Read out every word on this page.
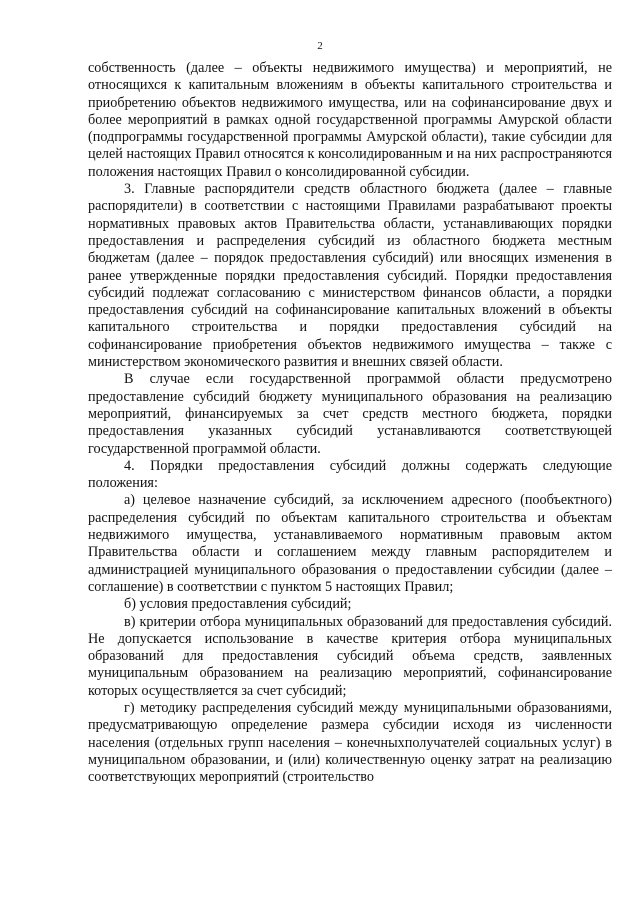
2

собственность (далее – объекты недвижимого имущества) и мероприятий, не относящихся к капитальным вложениям в объекты капитального строительства и приобретению объектов недвижимого имущества, или на софинансирование двух и более мероприятий в рамках одной государственной программы Амурской области (подпрограммы государственной программы Амурской области), такие субсидии для целей настоящих Правил относятся к консолидированным и на них распространяются положения настоящих Правил о консолидированной субсидии.

3. Главные распорядители средств областного бюджета (далее – главные распорядители) в соответствии с настоящими Правилами разрабатывают проекты нормативных правовых актов Правительства области, устанавливающих порядки предоставления и распределения субсидий из областного бюджета местным бюджетам (далее – порядок предоставления субсидий) или вносящих изменения в ранее утвержденные порядки предоставления субсидий. Порядки предоставления субсидий подлежат согласованию с министерством финансов области, а порядки предоставления субсидий на софинансирование капитальных вложений в объекты капитального строительства и порядки предоставления субсидий на софинансирование приобретения объектов недвижимого имущества – также с министерством экономического развития и внешних связей области.

В случае если государственной программой области предусмотрено предоставление субсидий бюджету муниципального образования на реализацию мероприятий, финансируемых за счет средств местного бюджета, порядки предоставления указанных субсидий устанавливаются соответствующей государственной программой области.

4. Порядки предоставления субсидий должны содержать следующие положения:

а) целевое назначение субсидий, за исключением адресного (пообъектного) распределения субсидий по объектам капитального строительства и объектам недвижимого имущества, устанавливаемого нормативным правовым актом Правительства области и соглашением между главным распорядителем и администрацией муниципального образования о предоставлении субсидии (далее – соглашение) в соответствии с пунктом 5 настоящих Правил;

б) условия предоставления субсидий;

в) критерии отбора муниципальных образований для предоставления субсидий. Не допускается использование в качестве критерия отбора муниципальных образований для предоставления субсидий объема средств, заявленных муниципальным образованием на реализацию мероприятий, софинансирование которых осуществляется за счет субсидий;

г) методику распределения субсидий между муниципальными образованиями, предусматривающую определение размера субсидии исходя из численности населения (отдельных групп населения – конечныхполучателей социальных услуг) в муниципальном образовании, и (или) количественную оценку затрат на реализацию соответствующих мероприятий (строительство
